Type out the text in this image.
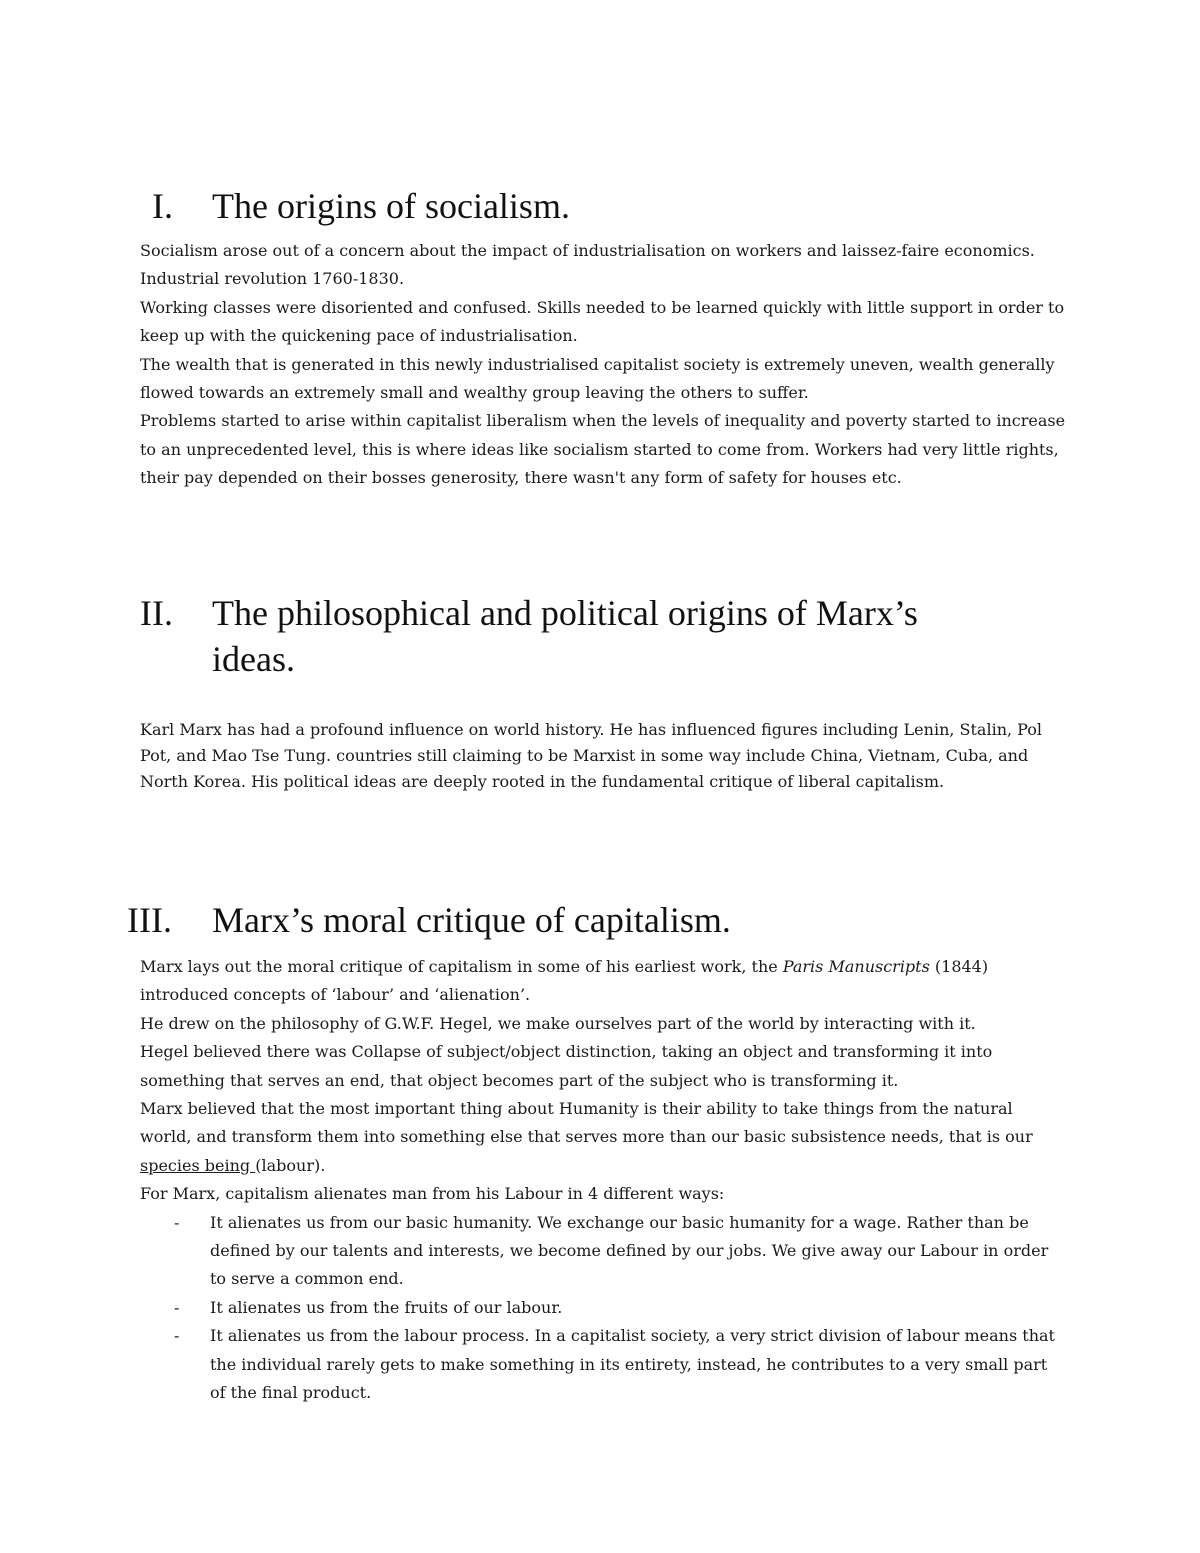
I. The origins of socialism.

Socialism arose out of a concern about the impact of industrialisation on workers and laissez-faire economics. Industrial revolution 1760-1830.

Working classes were disoriented and confused. Skills needed to be learned quickly with little support in order to keep up with the quickening pace of industrialisation.

The wealth that is generated in this newly industrialised capitalist society is extremely uneven, wealth generally flowed towards an extremely small and wealthy group leaving the others to suffer.

Problems started to arise within capitalist liberalism when the levels of inequality and poverty started to increase to an unprecedented level, this is where ideas like socialism started to come from. Workers had very little rights, their pay depended on their bosses generosity, there wasn't any form of safety for houses etc.

II. The philosophical and political origins of Marx’s
ideas.

Karl Marx has had a profound influence on world history. He has influenced figures including Lenin, Stalin, Pol Pot, and Mao Tse Tung. countries still claiming to be Marxist in some way include China, Vietnam, Cuba, and North Korea. His political ideas are deeply rooted in the fundamental critique of liberal capitalism.

III. Marx’s moral critique of capitalism.

Marx lays out the moral critique of capitalism in some of his earliest work, the Paris Manuscripts (1844) introduced concepts of ‘labour’ and ‘alienation’.

He drew on the philosophy of G.W.F. Hegel, we make ourselves part of the world by interacting with it.

Hegel believed there was Collapse of subject/object distinction, taking an object and transforming it into something that serves an end, that object becomes part of the subject who is transforming it.

Marx believed that the most important thing about Humanity is their ability to take things from the natural world, and transform them into something else that serves more than our basic subsistence needs, that is our species being (labour).

For Marx, capitalism alienates man from his Labour in 4 different ways:

- It alienates us from our basic humanity. We exchange our basic humanity for a wage. Rather than be defined by our talents and interests, we become defined by our jobs. We give away our Labour in order to serve a common end.
- It alienates us from the fruits of our labour.
- It alienates us from the labour process. In a capitalist society, a very strict division of labour means that the individual rarely gets to make something in its entirety, instead, he contributes to a very small part of the final product.
